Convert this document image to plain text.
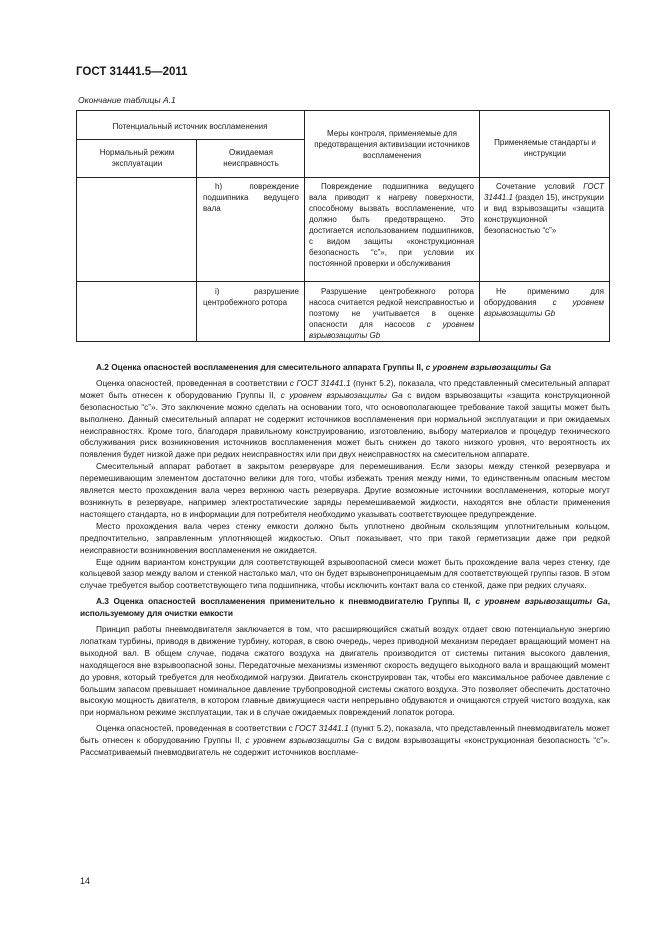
ГОСТ 31441.5—2011
Окончание таблицы А.1
Потенциальный источник воспламенения
Нормальный режим эксплуатации
Ожидаемая неисправность
Меры контроля, применяемые для предотвращения активизации источников воспламенения
Применяемые стандарты и инструкции
h) повреждение подшипника ведущего вала
Повреждение подшипника ведущего вала приводит к нагреву поверхности, способному вызвать воспламенение, что должно быть предотвращено. Это достигается использованием подшипников, с видом защиты «конструкционная безопасность “с”», при условии их постоянной проверки и обслуживания
Сочетание условий ГОСТ 31441.1 (раздел 15), инструкции и вид взрывозащиты «защита конструкционной безопасностью “с”»
i) разрушение центробежного ротора
Разрушение центробежного ротора насоса считается редкой неисправностью и поэтому не учитывается в оценке опасности для насосов с уровнем взрывозащиты Gb
Не применимо для оборудования с уровнем взрывозащиты Gb

А.2 Оценка опасностей воспламенения для смесительного аппарата Группы II, с уровнем взрывозащиты Ga

Оценка опасностей, проведенная в соответствии с ГОСТ 31441.1 (пункт 5.2), показала, что представленный смесительный аппарат может быть отнесен к оборудованию Группы II, с уровнем взрывозащиты Ga с видом взрывозащиты «защита конструкционной безопасностью “с”». Это заключение можно сделать на основании того, что основополагающее требование такой защиты может быть выполнено. Данный смесительный аппарат не содержит источников воспламенения при нормальной эксплуатации и при ожидаемых неисправностях. Кроме того, благодаря правильному конструированию, изготовлению, выбору материалов и процедур технического обслуживания риск возникновения источников воспламенения может быть снижен до такого низкого уровня, что вероятность их появления будет низкой даже при редких неисправностях или при двух неисправностях на смесительном аппарате.

Смесительный аппарат работает в закрытом резервуаре для перемешивания. Если зазоры между стенкой резервуара и перемешивающим элементом достаточно велики для того, чтобы избежать трения между ними, то единственным опасным местом является место прохождения вала через верхнюю часть резервуара. Другие возможные источники воспламенения, которые могут возникнуть в резервуаре, например электростатические заряды перемешиваемой жидкости, находятся вне области применения настоящего стандарта, но в информации для потребителя необходимо указывать соответствующее предупреждение.

Место прохождения вала через стенку емкости должно быть уплотнено двойным скользящим уплотнительным кольцом, предпочтительно, заправленным уплотняющей жидкостью. Опыт показывает, что при такой герметизации даже при редкой неисправности возникновения воспламенения не ожидается.

Еще одним вариантом конструкции для соответствующей взрывоопасной смеси может быть прохождение вала через стенку, где кольцевой зазор между валом и стенкой настолько мал, что он будет взрывонепроницаемым для соответствующей группы газов. В этом случае требуется выбор соответствующего типа подшипника, чтобы исключить контакт вала со стенкой, даже при редких случаях.

А.3 Оценка опасностей воспламенения применительно к пневмодвигателю Группы II, с уровнем взрывозащиты Ga, используемому для очистки емкости

Принцип работы пневмодвигателя заключается в том, что расширяющийся сжатый воздух отдает свою потенциальную энергию лопаткам турбины, приводя в движение турбину, которая, в свою очередь, через приводной механизм передает вращающий момент на выходной вал. В общем случае, подача сжатого воздуха на двигатель производится от системы питания высокого давления, находящегося вне взрывоопасной зоны. Передаточные механизмы изменяют скорость ведущего выходного вала и вращающий момент до уровня, который требуется для необходимой нагрузки. Двигатель сконструирован так, чтобы его максимальное рабочее давление с большим запасом превышает номинальное давление трубопроводной системы сжатого воздуха. Это позволяет обеспечить достаточно высокую мощность двигателя, в котором главные движущиеся части непрерывно обдуваются и очищаются струей чистого воздуха, как при нормальном режиме эксплуатации, так и в случае ожидаемых повреждений лопаток ротора.

Оценка опасностей, проведенная в соответствии с ГОСТ 31441.1 (пункт 5.2), показала, что представленный пневмодвигатель может быть отнесен к оборудованию Группы II, с уровнем взрывозащиты Ga с видом взрывозащиты «конструкционная безопасность “с”». Рассматриваемый пневмодвигатель не содержит источников воспламе-

14
